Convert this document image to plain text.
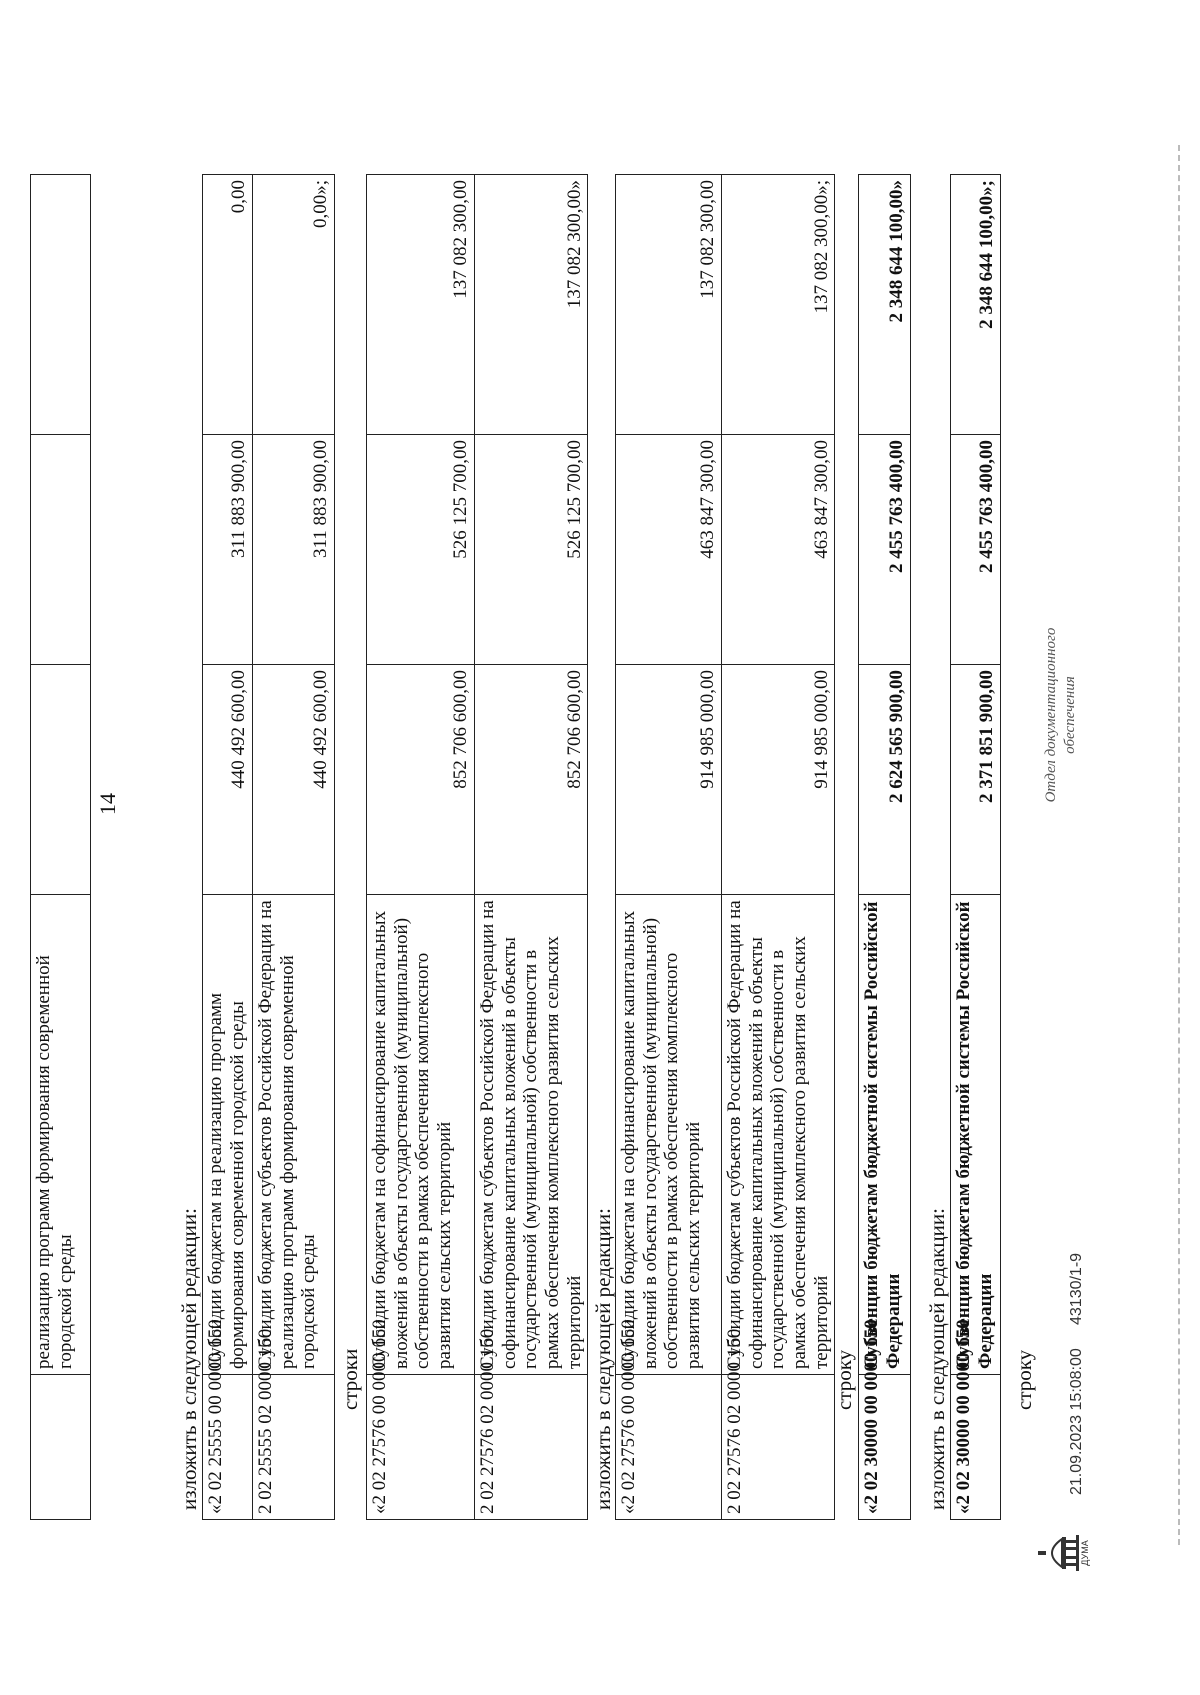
14
	реализацию программ формирования современной городской среды				изложить в следующей редакции: «2 02 25555 00 0000 150	Субсидии бюджетам на реализацию программ формирования современной городской среды	440 492 600,00	311 883 900,00	0,00
2 02 25555 02 0000 150	Субсидии бюджетам субъектов Российской Федерации на реализацию программ формирования современной городской среды	440 492 600,00	311 883 900,00	0,00»;
строки «2 02 27576 00 0000 150	Субсидии бюджетам на софинансирование капитальных вложений в объекты государственной (муниципальной) собственности в рамках обеспечения комплексного развития сельских территорий	852 706 600,00	526 125 700,00	137 082 300,00
2 02 27576 02 0000 150	Субсидии бюджетам субъектов Российской Федерации на софинансирование капитальных вложений в объекты государственной (муниципальной) собственности в рамках обеспечения комплексного развития сельских территорий	852 706 600,00	526 125 700,00	137 082 300,00»
изложить в следующей редакции: «2 02 27576 00 0000 150	Субсидии бюджетам на софинансирование капитальных вложений в объекты государственной (муниципальной) собственности в рамках обеспечения комплексного развития сельских территорий	914 985 000,00	463 847 300,00	137 082 300,00
2 02 27576 02 0000 150	Субсидии бюджетам субъектов Российской Федерации на софинансирование капитальных вложений в объекты государственной (муниципальной) собственности в рамках обеспечения комплексного развития сельских территорий	914 985 000,00	463 847 300,00	137 082 300,00»;
строку «2 02 30000 00 0000 150	Субвенции бюджетам бюджетной системы Российской Федерации	2 624 565 900,00	2 455 763 400,00	2 348 644 100,00»
изложить в следующей редакции: «2 02 30000 00 0000 150	Субвенции бюджетам бюджетной системы Российской Федерации	2 371 851 900,00	2 455 763 400,00	2 348 644 100,00»;
строку
ДУМА
21.09.2023 15:08:00
43130/1-9
Отдел документационного обеспечения
